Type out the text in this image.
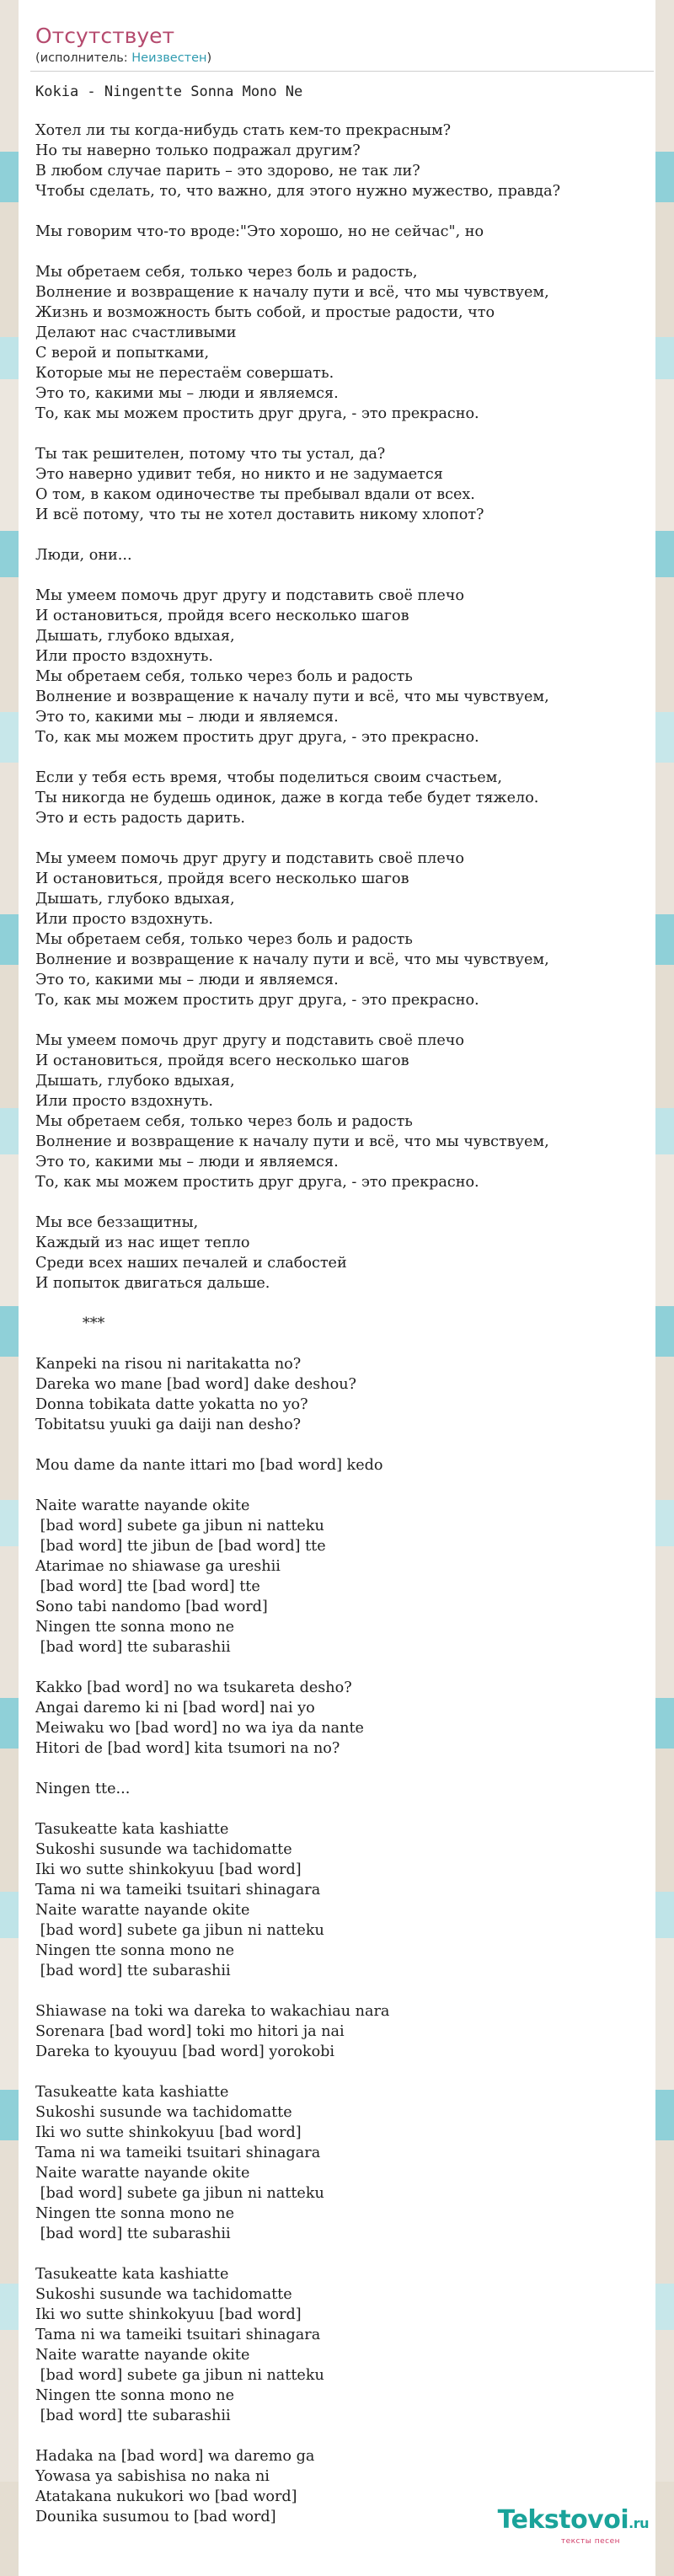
Отсутствует
(исполнитель: Неизвестен)
Kokia - Ningentte Sonna Mono Ne
Хотел ли ты когда-нибудь стать кем-то прекрасным?
Но ты наверно только подражал другим?
В любом случае парить – это здорово, не так ли?
Чтобы сделать, то, что важно, для этого нужно мужество, правда?
Мы говорим что-то вроде:"Это хорошо, но не сейчас", но
Мы обретаем себя, только через боль и радость,
Волнение и возвращение к началу пути и всё, что мы чувствуем,
Жизнь и возможность быть собой, и простые радости, что
Делают нас счастливыми
С верой и попытками,
Которые мы не перестаём совершать.
Это то, какими мы – люди и являемся.
То, как мы можем простить друг друга, - это прекрасно.
Ты так решителен, потому что ты устал, да?
Это наверно удивит тебя, но никто и не задумается
О том, в каком одиночестве ты пребывал вдали от всех.
И всё потому, что ты не хотел доставить никому хлопот?
Люди, они...
Мы умеем помочь друг другу и подставить своё плечо
И остановиться, пройдя всего несколько шагов
Дышать, глубоко вдыхая,
Или просто вздохнуть.
Мы обретаем себя, только через боль и радость
Волнение и возвращение к началу пути и всё, что мы чувствуем,
Это то, какими мы – люди и являемся.
То, как мы можем простить друг друга, - это прекрасно.
Если у тебя есть время, чтобы поделиться своим счастьем,
Ты никогда не будешь одинок, даже в когда тебе будет тяжело.
Это и есть радость дарить.
Мы умеем помочь друг другу и подставить своё плечо
И остановиться, пройдя всего несколько шагов
Дышать, глубоко вдыхая,
Или просто вздохнуть.
Мы обретаем себя, только через боль и радость
Волнение и возвращение к началу пути и всё, что мы чувствуем,
Это то, какими мы – люди и являемся.
То, как мы можем простить друг друга, - это прекрасно.
Мы умеем помочь друг другу и подставить своё плечо
И остановиться, пройдя всего несколько шагов
Дышать, глубоко вдыхая,
Или просто вздохнуть.
Мы обретаем себя, только через боль и радость
Волнение и возвращение к началу пути и всё, что мы чувствуем,
Это то, какими мы – люди и являемся.
То, как мы можем простить друг друга, - это прекрасно.
Мы все беззащитны,
Каждый из нас ищет тепло
Среди всех наших печалей и слабостей
И попыток двигаться дальше.
***
Kanpeki na risou ni naritakatta no?
Dareka wo mane [bad word] dake deshou?
Donna tobikata datte yokatta no yo?
Tobitatsu yuuki ga daiji nan desho?
Mou dame da nante ittari mo [bad word] kedo
Naite waratte nayande okite
[bad word] subete ga jibun ni natteku
[bad word] tte jibun de [bad word] tte
Atarimae no shiawase ga ureshii
[bad word] tte [bad word] tte
Sono tabi nandomo [bad word]
Ningen tte sonna mono ne
[bad word] tte subarashii
Kakko [bad word] no wa tsukareta desho?
Angai daremo ki ni [bad word] nai yo
Meiwaku wo [bad word] no wa iya da nante
Hitori de [bad word] kita tsumori na no?
Ningen tte...
Tasukeatte kata kashiatte
Sukoshi susunde wa tachidomatte
Iki wo sutte shinkokyuu [bad word]
Tama ni wa tameiki tsuitari shinagara
Naite waratte nayande okite
[bad word] subete ga jibun ni natteku
Ningen tte sonna mono ne
[bad word] tte subarashii
Shiawase na toki wa dareka to wakachiau nara
Sorenara [bad word] toki mo hitori ja nai
Dareka to kyouyuu [bad word] yorokobi
Tasukeatte kata kashiatte
Sukoshi susunde wa tachidomatte
Iki wo sutte shinkokyuu [bad word]
Tama ni wa tameiki tsuitari shinagara
Naite waratte nayande okite
[bad word] subete ga jibun ni natteku
Ningen tte sonna mono ne
[bad word] tte subarashii
Tasukeatte kata kashiatte
Sukoshi susunde wa tachidomatte
Iki wo sutte shinkokyuu [bad word]
Tama ni wa tameiki tsuitari shinagara
Naite waratte nayande okite
[bad word] subete ga jibun ni natteku
Ningen tte sonna mono ne
[bad word] tte subarashii
Hadaka na [bad word] wa daremo ga
Yowasa ya sabishisa no naka ni
Atatakana nukukori wo [bad word]
Dounika susumou to [bad word]	Tekstovoi.ru
тексты песен
